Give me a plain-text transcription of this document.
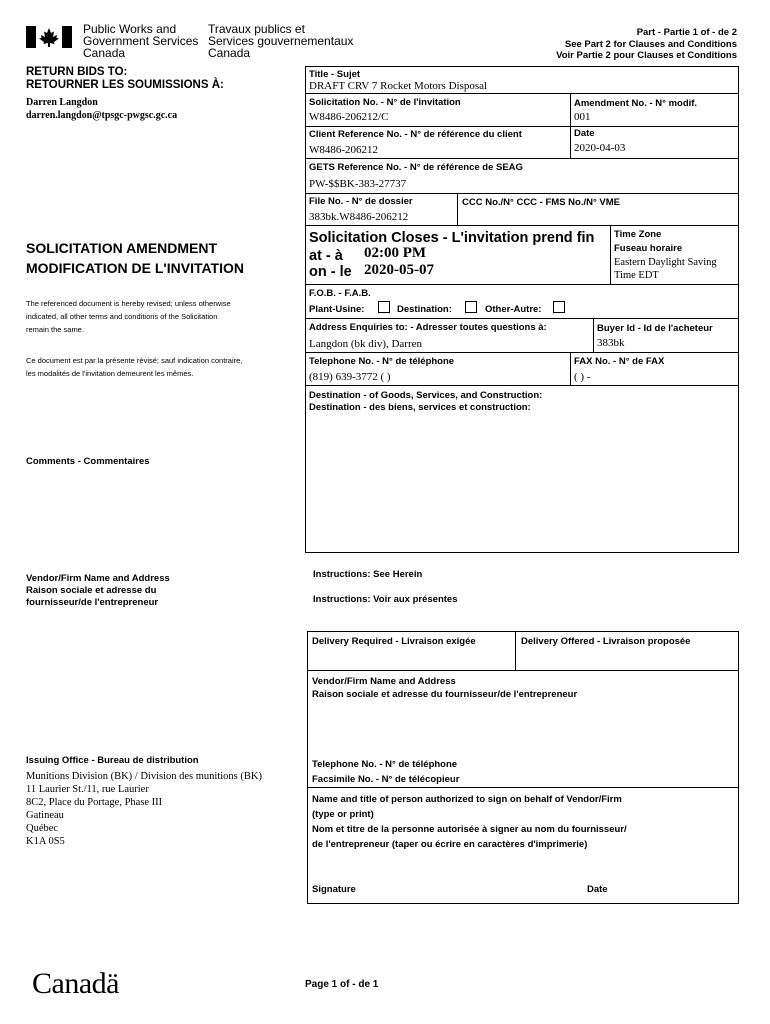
Public Works and
Government Services
Canada
Travaux publics et
Services gouvernementaux
Canada
Part - Partie 1 of - de 2
See Part 2 for Clauses and Conditions
Voir Partie 2 pour Clauses et Conditions
RETURN BIDS TO:
RETOURNER LES SOUMISSIONS À:
Darren Langdon
darren.langdon@tpsgc-pwgsc.gc.ca
SOLICITATION AMENDMENT
MODIFICATION DE L'INVITATION
The referenced document is hereby revised; unless otherwise
indicated, all other terms and conditions of the Solicitation
remain the same.
Ce document est par la présente révisé; sauf indication contraire,
les modalités de l'invitation demeurent les mêmes.
Comments - Commentaires
Vendor/Firm Name and Address
Raison sociale et adresse du
fournisseur/de l'entrepreneur
Issuing Office - Bureau de distribution
Munitions Division (BK) / Division des munitions (BK)
11 Laurier St./11, rue Laurier
8C2, Place du Portage, Phase III
Gatineau
Québec
K1A 0S5
Title - Sujet
DRAFT CRV 7 Rocket Motors Disposal
Solicitation No. - N° de l'invitation
W8486-206212/C
Amendment No. - N° modif.
001
Client Reference No. - N° de référence du client
W8486-206212
Date
2020-04-03
GETS Reference No. - N° de référence de SEAG
PW-$$BK-383-27737
File No. - N° de dossier
383bk.W8486-206212
CCC No./N° CCC - FMS No./N° VME
Solicitation Closes - L'invitation prend fin
at - à 02:00 PM
on - le 2020-05-07
Time Zone
Fuseau horaire
Eastern Daylight Saving
Time EDT
F.O.B. - F.A.B.
Plant-Usine:	Destination:	Other-Autre:
Address Enquiries to: - Adresser toutes questions à:
Langdon (bk div), Darren
Buyer Id - Id de l'acheteur
383bk
Telephone No. - N° de téléphone
(819) 639-3772 ( )
FAX No. - N° de FAX
( ) -
Destination - of Goods, Services, and Construction:
Destination - des biens, services et construction:
Instructions: See Herein
Instructions: Voir aux présentes
Delivery Required - Livraison exigée	Delivery Offered - Livraison proposée
Vendor/Firm Name and Address
Raison sociale et adresse du fournisseur/de l'entrepreneur
Telephone No. - N° de téléphone
Facsimile No. - N° de télécopieur
Name and title of person authorized to sign on behalf of Vendor/Firm
(type or print)
Nom et titre de la personne autorisée à signer au nom du fournisseur/
de l'entrepreneur (taper ou écrire en caractères d'imprimerie)
Signature	Date
Canadä	Page 1 of - de 1
